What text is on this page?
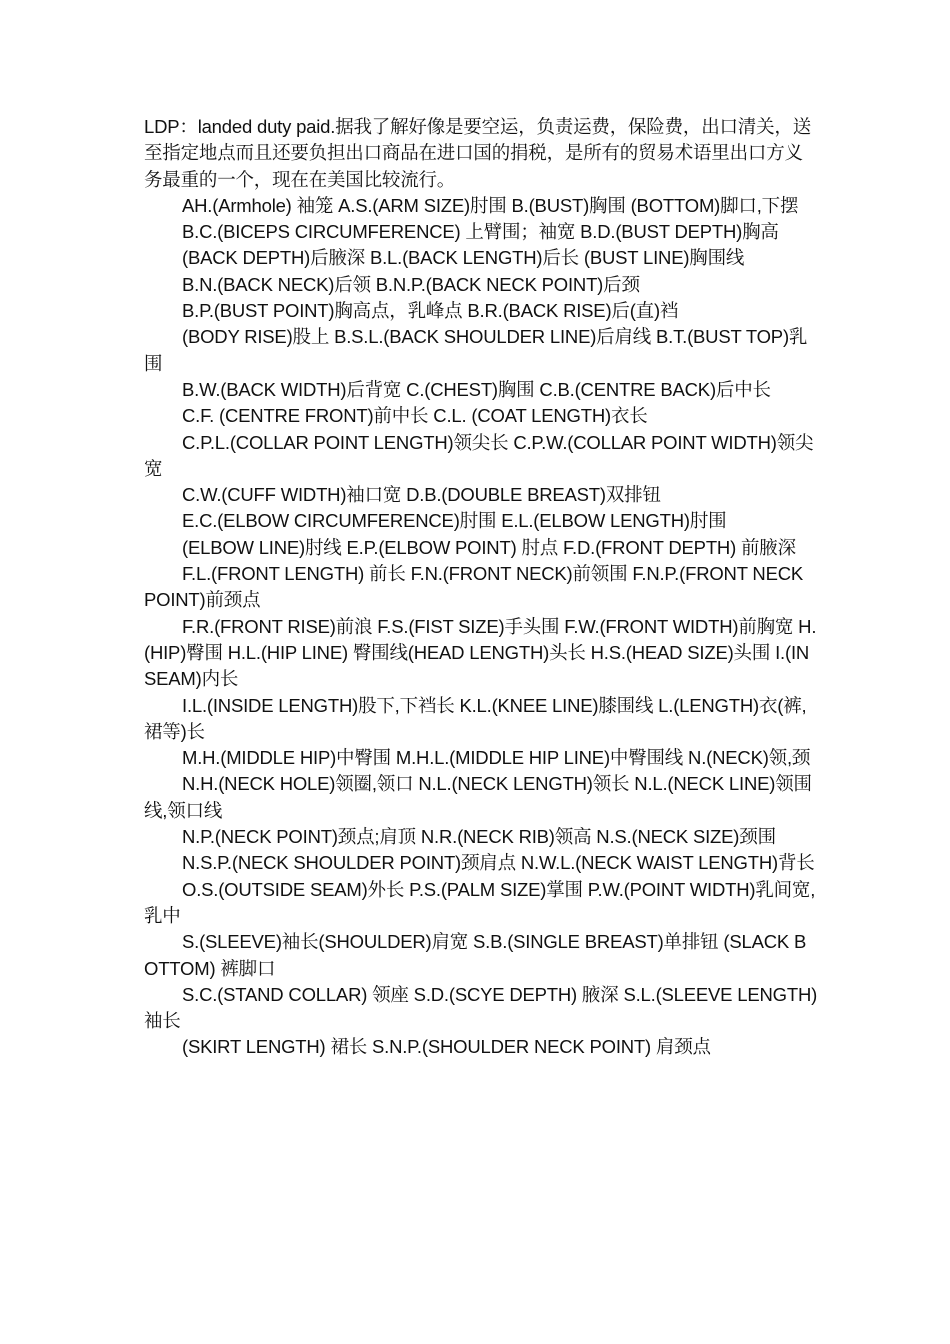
LDP：landed duty paid.据我了解好像是要空运，负责运费，保险费，出口清关，送至指定地点而且还要负担出口商品在进口国的捐税，是所有的贸易术语里出口方义务最重的一个，现在在美国比较流行。

AH.(Armhole) 袖笼 A.S.(ARM SIZE)肘围 B.(BUST)胸围 (BOTTOM)脚口,下摆

B.C.(BICEPS CIRCUMFERENCE) 上臂围；袖宽 B.D.(BUST DEPTH)胸高

(BACK DEPTH)后腋深 B.L.(BACK LENGTH)后长 (BUST LINE)胸围线

B.N.(BACK NECK)后领 B.N.P.(BACK NECK POINT)后颈

B.P.(BUST POINT)胸高点，乳峰点 B.R.(BACK RISE)后(直)裆

(BODY RISE)股上 B.S.L.(BACK SHOULDER LINE)后肩线 B.T.(BUST TOP)乳围

B.W.(BACK WIDTH)后背宽 C.(CHEST)胸围 C.B.(CENTRE BACK)后中长

C.F. (CENTRE FRONT)前中长 C.L. (COAT LENGTH)衣长

C.P.L.(COLLAR POINT LENGTH)领尖长 C.P.W.(COLLAR POINT WIDTH)领尖宽

C.W.(CUFF WIDTH)袖口宽 D.B.(DOUBLE BREAST)双排钮

E.C.(ELBOW CIRCUMFERENCE)肘围 E.L.(ELBOW LENGTH)肘围

(ELBOW LINE)肘线 E.P.(ELBOW POINT) 肘点 F.D.(FRONT DEPTH) 前腋深

F.L.(FRONT LENGTH) 前长 F.N.(FRONT NECK)前领围 F.N.P.(FRONT NECK POINT)前颈点

F.R.(FRONT RISE)前浪 F.S.(FIST SIZE)手头围 F.W.(FRONT WIDTH)前胸宽 H.(HIP)臀围 H.L.(HIP LINE) 臀围线(HEAD LENGTH)头长 H.S.(HEAD SIZE)头围 I.(INSEAM)内长

I.L.(INSIDE LENGTH)股下,下裆长 K.L.(KNEE LINE)膝围线 L.(LENGTH)衣(裤,裙等)长

M.H.(MIDDLE HIP)中臀围 M.H.L.(MIDDLE HIP LINE)中臀围线 N.(NECK)领,颈

N.H.(NECK HOLE)领圈,领口 N.L.(NECK LENGTH)领长 N.L.(NECK LINE)领围线,领口线

N.P.(NECK POINT)颈点;肩顶 N.R.(NECK RIB)领高 N.S.(NECK SIZE)颈围

N.S.P.(NECK SHOULDER POINT)颈肩点 N.W.L.(NECK WAIST LENGTH)背长

O.S.(OUTSIDE SEAM)外长 P.S.(PALM SIZE)掌围 P.W.(POINT WIDTH)乳间宽,乳中

S.(SLEEVE)袖长(SHOULDER)肩宽 S.B.(SINGLE BREAST)单排钮 (SLACK BOTTOM) 裤脚口

S.C.(STAND COLLAR) 领座 S.D.(SCYE DEPTH) 腋深 S.L.(SLEEVE LENGTH)袖长

(SKIRT LENGTH) 裙长 S.N.P.(SHOULDER NECK POINT) 肩颈点
